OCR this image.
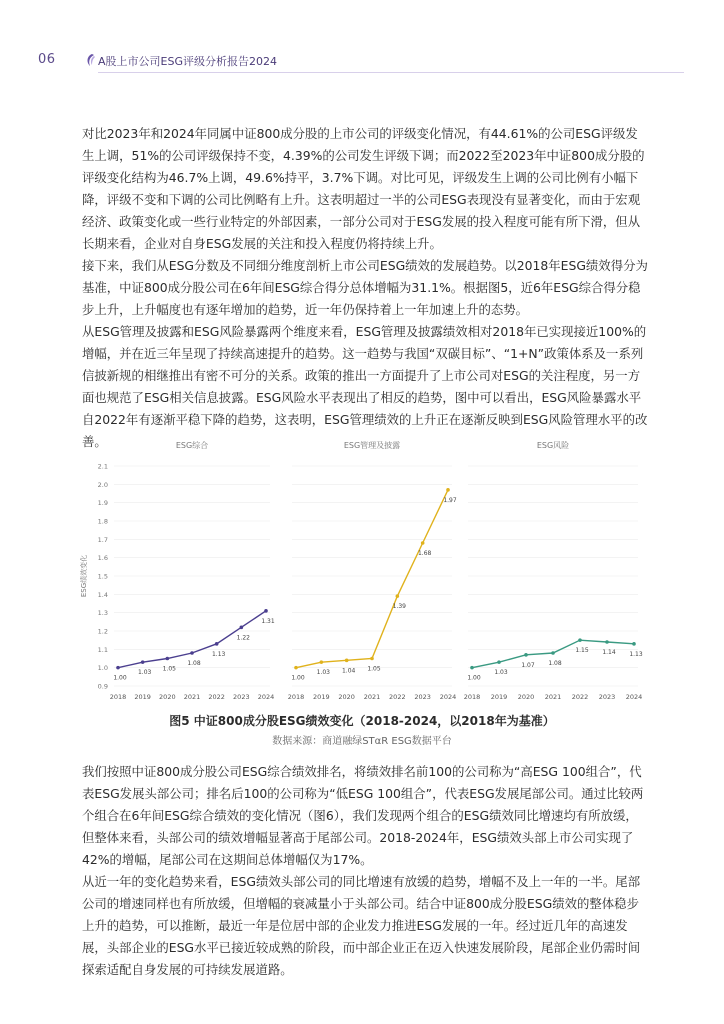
06	A股上市公司ESG评级分析报告2024

对比2023年和2024年同属中证800成分股的上市公司的评级变化情况，有44.61%的公司ESG评级发生上调，51%的公司评级保持不变，4.39%的公司发生评级下调；而2022至2023年中证800成分股的评级变化结构为46.7%上调，49.6%持平，3.7%下调。对比可见，评级发生上调的公司比例有小幅下降，评级不变和下调的公司比例略有上升。这表明超过一半的公司ESG表现没有显著变化，而由于宏观经济、政策变化或一些行业特定的外部因素，一部分公司对于ESG发展的投入程度可能有所下滑，但从长期来看，企业对自身ESG发展的关注和投入程度仍将持续上升。

接下来，我们从ESG分数及不同细分维度剖析上市公司ESG绩效的发展趋势。以2018年ESG绩效得分为基准，中证800成分股公司在6年间ESG综合得分总体增幅为31.1%。根据图5，近6年ESG综合得分稳步上升，上升幅度也有逐年增加的趋势，近一年仍保持着上一年加速上升的态势。

从ESG管理及披露和ESG风险暴露两个维度来看，ESG管理及披露绩效相对2018年已实现接近100%的增幅，并在近三年呈现了持续高速提升的趋势。这一趋势与我国“双碳目标”、“1+N”政策体系及一系列信披新规的相继推出有密不可分的关系。政策的推出一方面提升了上市公司对ESG的关注程度，另一方面也规范了ESG相关信息披露。ESG风险水平表现出了相反的趋势，图中可以看出，ESG风险暴露水平自2022年有逐渐平稳下降的趋势，这表明，ESG管理绩效的上升正在逐渐反映到ESG风险管理水平的改善。

ESG绩效变化
ESG综合
0.9
1.0
1.1
1.2
1.3
1.4
1.5
1.6
1.7
1.8
1.9
2.0
2.1
2018 2019 2020 2021 2022 2023 2024
1.00
1.03
1.05
1.08
1.13
1.22
1.31
ESG管理及披露
2018 2019 2020 2021 2022 2023 2024
1.00
1.03 1.04 1.05
1.39
1.68
1.97
ESG风险
2018 2019 2020 2021 2022 2023 2024
1.00
1.03
1.07 1.08
1.15 1.14 1.13
图5 中证800成分股ESG绩效变化（2018-2024，以2018年为基准）
数据来源：商道融绿STαR ESG数据平台

我们按照中证800成分股公司ESG综合绩效排名，将绩效排名前100的公司称为“高ESG 100组合”，代表ESG发展头部公司；排名后100的公司称为“低ESG 100组合”，代表ESG发展尾部公司。通过比较两个组合在6年间ESG综合绩效的变化情况（图6），我们发现两个组合的ESG绩效同比增速均有所放缓，但整体来看，头部公司的绩效增幅显著高于尾部公司。2018-2024年，ESG绩效头部上市公司实现了42%的增幅，尾部公司在这期间总体增幅仅为17%。

从近一年的变化趋势来看，ESG绩效头部公司的同比增速有放缓的趋势，增幅不及上一年的一半。尾部公司的增速同样也有所放缓，但增幅的衰减量小于头部公司。结合中证800成分股ESG绩效的整体稳步上升的趋势，可以推断，最近一年是位居中部的企业发力推进ESG发展的一年。经过近几年的高速发展，头部企业的ESG水平已接近较成熟的阶段，而中部企业正在迈入快速发展阶段，尾部企业仍需时间探索适配自身发展的可持续发展道路。
